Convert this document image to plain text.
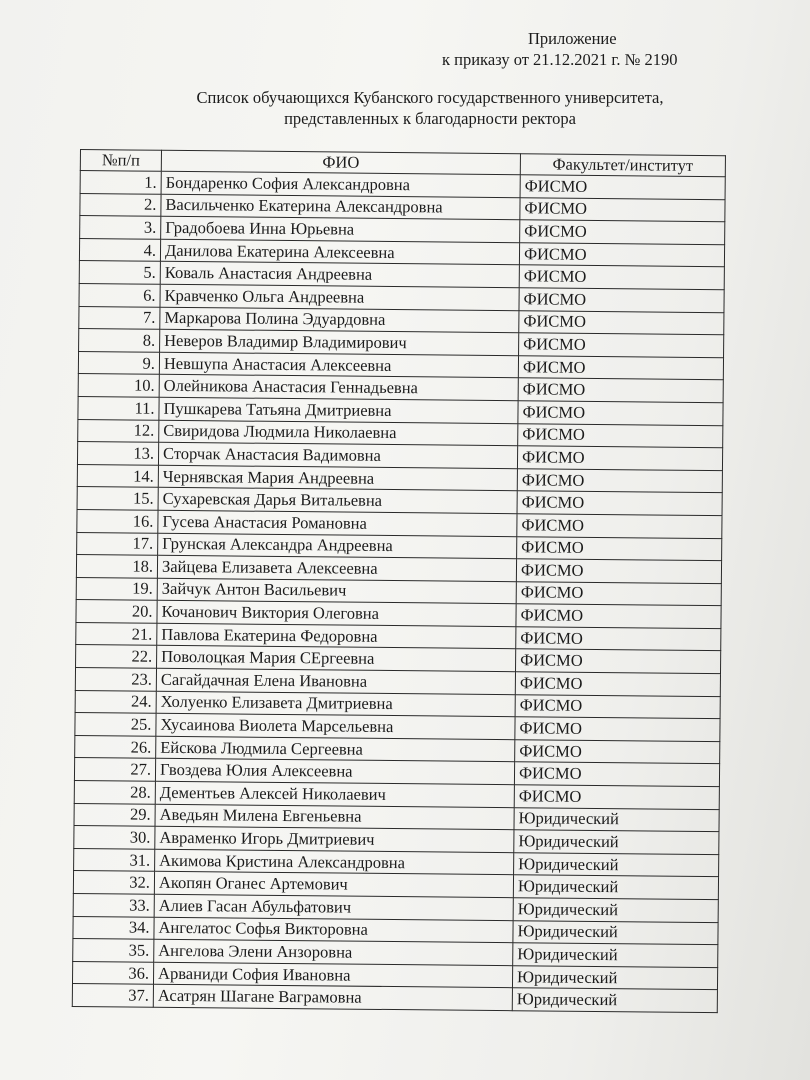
Приложение
к приказу от 21.12.2021 г. № 2190
Список обучающихся Кубанского государственного университета,
представленных к благодарности ректора
№п/п	ФИО	Факультет/институт
1.	Бондаренко София Александровна	ФИСМО
2.	Васильченко Екатерина Александровна	ФИСМО
3.	Градобоева Инна Юрьевна	ФИСМО
4.	Данилова Екатерина Алексеевна	ФИСМО
5.	Коваль Анастасия Андреевна	ФИСМО
6.	Кравченко Ольга Андреевна	ФИСМО
7.	Маркарова Полина Эдуардовна	ФИСМО
8.	Неверов Владимир Владимирович	ФИСМО
9.	Невшупа Анастасия Алексеевна	ФИСМО
10.	Олейникова Анастасия Геннадьевна	ФИСМО
11.	Пушкарева Татьяна Дмитриевна	ФИСМО
12.	Свиридова Людмила Николаевна	ФИСМО
13.	Сторчак Анастасия Вадимовна	ФИСМО
14.	Чернявская Мария Андреевна	ФИСМО
15.	Сухаревская Дарья Витальевна	ФИСМО
16.	Гусева Анастасия Романовна	ФИСМО
17.	Грунская Александра Андреевна	ФИСМО
18.	Зайцева Елизавета Алексеевна	ФИСМО
19.	Зайчук Антон Васильевич	ФИСМО
20.	Кочанович Виктория Олеговна	ФИСМО
21.	Павлова Екатерина Федоровна	ФИСМО
22.	Поволоцкая Мария СЕргеевна	ФИСМО
23.	Сагайдачная Елена Ивановна	ФИСМО
24.	Холуенко Елизавета Дмитриевна	ФИСМО
25.	Хусаинова Виолета Марсельевна	ФИСМО
26.	Ейскова Людмила Сергеевна	ФИСМО
27.	Гвоздева Юлия Алексеевна	ФИСМО
28.	Дементьев Алексей Николаевич	ФИСМО
29.	Аведьян Милена Евгеньевна	Юридический
30.	Авраменко Игорь Дмитриевич	Юридический
31.	Акимова Кристина Александровна	Юридический
32.	Акопян Оганес Артемович	Юридический
33.	Алиев Гасан Абульфатович	Юридический
34.	Ангелатос Софья Викторовна	Юридический
35.	Ангелова Элени Анзоровна	Юридический
36.	Арваниди София Ивановна	Юридический
37.	Асатрян Шагане Ваграмовна	Юридический
